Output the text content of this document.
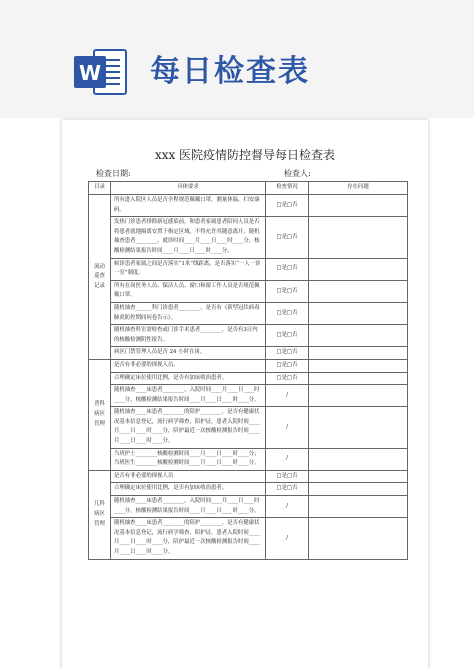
W 每日检查表
xxx 医院疫情防控督导每日检查表
检查日期:	检查人:
目录	具体要求	检查情况	存在问题
流动巡查记录	所有进入院区人员是否全程规范佩戴口罩，测量体温，扫安康码。	□是□否	
	发热门诊患者排除新冠感染前，和患者家属患者陪同人员是否将患者就地隔离安置于指定区域，不得允许其随意离开，随机抽查患者________，就诊时间____月____日____时____分，核酸检测结果报告时间____月____日____时____分。	□是□否	
	候诊患者家属之间是否落实“1米”线距离，是否落实“一人一诊一室”制度。	□是□否	
	所有在岗医务人员、保洁人员、窗口和窗工作人员是否规范佩戴口罩。	□是□否	
	随机抽查______科门诊患者________，是否有《新型冠状病毒肺炎防控期间问卷告示》。	□是□否	
	随机抽查科室需检查或门诊手术患者________，是否有3日内的核酸检测阴性报告。	□是□否	
	病区门禁管理人员是否 24 小时在岗。	□是□否	
普科病区管理	是否有非必要的探视人员。	□是□否	
	合理确定床位使用比例，是否有加床收治患者。	□是□否	
	随机抽查____床患者________，入院时间____月____日____时____分，核酸检测结果报告时间____月____日____时____分。	/	
	随机抽查____床患者________的陪护________，是否有健康状况基本信息登记，流行病学筛查，陪护证，患者入院时间____月____日____时____分，陪护最近一次核酸检测报告时间____月____日____时____分。	/	
	当班护士________核酸检测时间____月____日____时____分；当班医生________核酸检测时间____月____日____时____分。	/	
儿科病区管理	是否有非必要的探视人员	□是□否	
	合理确定床位使用比例，是否有加床收治患者。	□是□否	
	随机抽查____床患者________，入院时间____月____日____时____分，核酸检测结果报告时间____月____日____时____分。	/	
	随机抽查____床患者________的陪护________，是否有健康状况基本信息登记，流行病学筛查，陪护证，患者入院时间____月____日____时____分，陪护最近一次核酸检测报告时间____月____日____时____分。	/	
